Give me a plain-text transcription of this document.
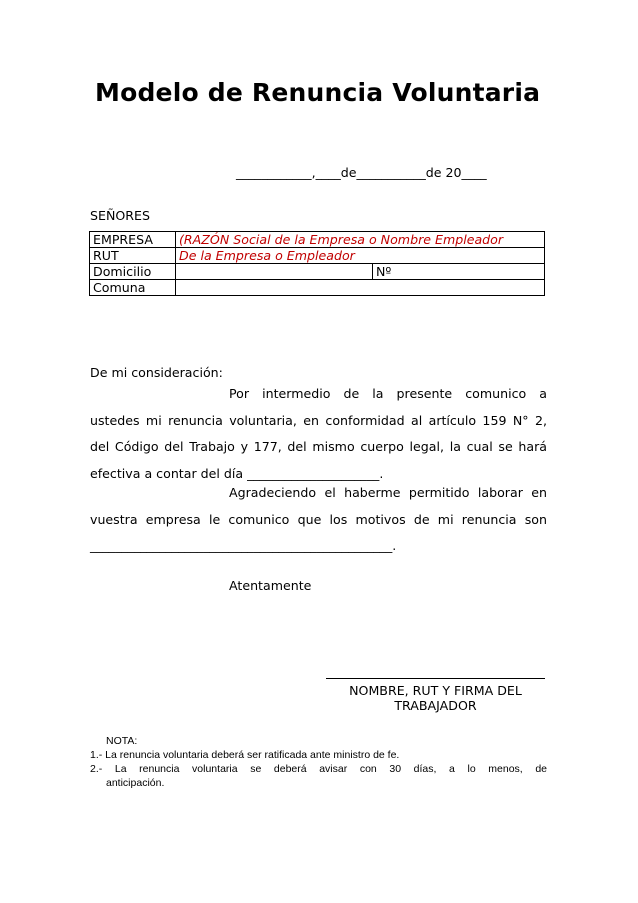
Modelo de Renuncia Voluntaria
____________,____de___________de 20____
SEÑORES
EMPRESA	(RAZÓN Social de la Empresa o Nombre Empleador	
RUT	De la Empresa o Empleador	
Domicilio		Nº
Comuna		
De mi consideración:
Por intermedio de la presente comunico a
ustedes mi renuncia voluntaria, en conformidad al artículo 159 N° 2,
del Código del Trabajo y 177, del mismo cuerpo legal, la cual se hará
efectiva a contar del día _____________________.
Agradeciendo el haberme permitido laborar en
vuestra empresa le comunico que los motivos de mi renuncia son
________________________________________________.
Atentamente
NOMBRE, RUT Y FIRMA DEL
TRABAJADOR
NOTA:
1.- La renuncia voluntaria deberá ser ratificada ante ministro de fe.
2.- La renuncia voluntaria se deberá avisar con 30 días, a lo menos, de
anticipación.
